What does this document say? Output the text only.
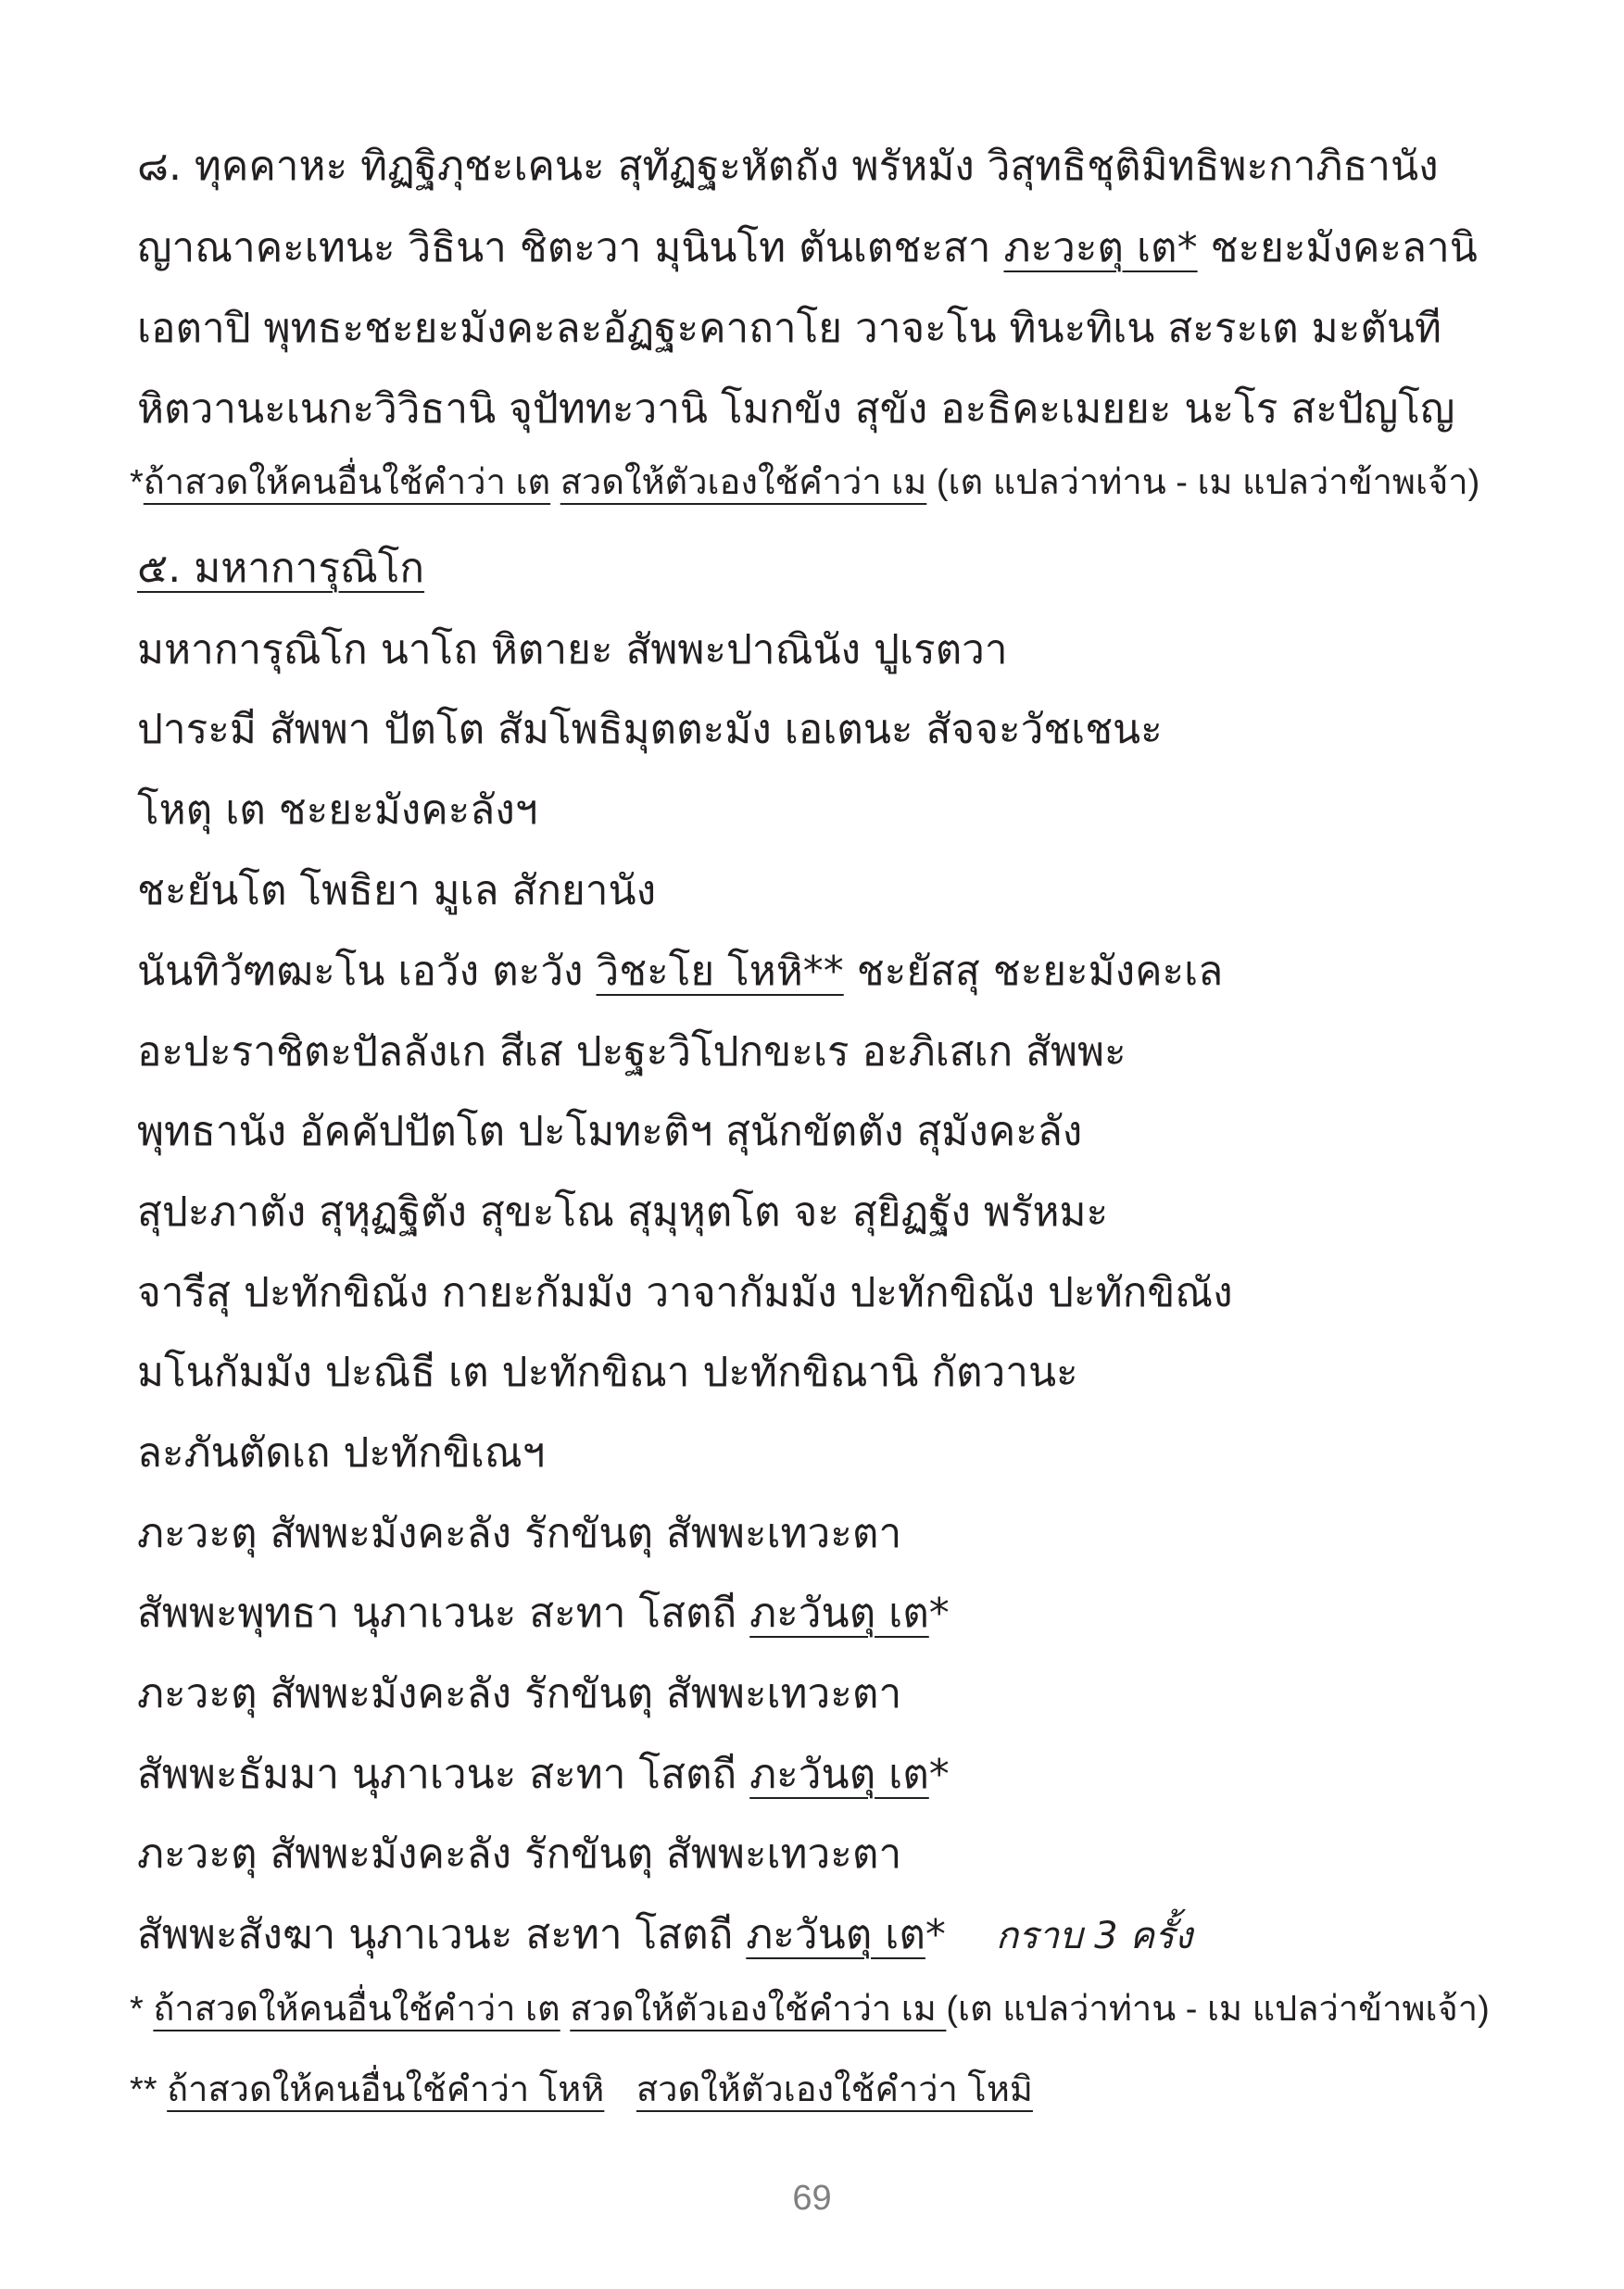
๘. ทุคคาหะ ทิฏฐิภุชะเคนะ สุทัฏฐะหัตถัง พรัหมัง วิสุทธิชุติมิทธิพะกาภิธานัง
ญาณาคะเทนะ วิธินา ชิตะวา มุนินโท ตันเตชะสา ภะวะตุ เต* ชะยะมังคะลานิ
เอตาปิ พุทธะชะยะมังคะละอัฏฐะคาถาโย วาจะโน ทินะทิเน สะระเต มะตันที
หิตวานะเนกะวิวิธานิ จุปัททะวานิ โมกขัง สุขัง อะธิคะเมยยะ นะโร สะปัญโญ
*ถ้าสวดให้คนอื่นใช้คำว่า เต สวดให้ตัวเองใช้คำว่า เม (เต แปลว่าท่าน - เม แปลว่าข้าพเจ้า)
๕. มหาการุณิโก
มหาการุณิโก นาโถ หิตายะ สัพพะปาณินัง ปูเรตวา
ปาระมี สัพพา ปัตโต สัมโพธิมุตตะมัง เอเตนะ สัจจะวัชเชนะ
โหตุ เต ชะยะมังคะลังฯ
ชะยันโต โพธิยา มูเล สักยานัง
นันทิวัฑฒะโน เอวัง ตะวัง วิชะโย โหหิ** ชะยัสสุ ชะยะมังคะเล
อะปะราชิตะปัลลังเก สีเส ปะฐะวิโปกขะเร อะภิเสเก สัพพะ
พุทธานัง อัคคัปปัตโต ปะโมทะติฯ สุนักขัตตัง สุมังคะลัง
สุปะภาตัง สุหุฏฐิตัง สุขะโณ สุมุหุตโต จะ สุยิฏฐัง พรัหมะ
จารีสุ ปะทักขิณัง กายะกัมมัง วาจากัมมัง ปะทักขิณัง ปะทักขิณัง
มโนกัมมัง ปะณิธี เต ปะทักขิณา ปะทักขิณานิ กัตวานะ
ละภันตัดเถ ปะทักขิเณฯ
ภะวะตุ สัพพะมังคะลัง รักขันตุ สัพพะเทวะตา
สัพพะพุทธา นุภาเวนะ สะทา โสตถี ภะวันตุ เต*
ภะวะตุ สัพพะมังคะลัง รักขันตุ สัพพะเทวะตา
สัพพะธัมมา นุภาเวนะ สะทา โสตถี ภะวันตุ เต*
ภะวะตุ สัพพะมังคะลัง รักขันตุ สัพพะเทวะตา
สัพพะสังฆา นุภาเวนะ สะทา โสตถี ภะวันตุ เต* กราบ 3 ครั้ง
* ถ้าสวดให้คนอื่นใช้คำว่า เต สวดให้ตัวเองใช้คำว่า เม (เต แปลว่าท่าน - เม แปลว่าข้าพเจ้า)
** ถ้าสวดให้คนอื่นใช้คำว่า โหหิ สวดให้ตัวเองใช้คำว่า โหมิ
69
